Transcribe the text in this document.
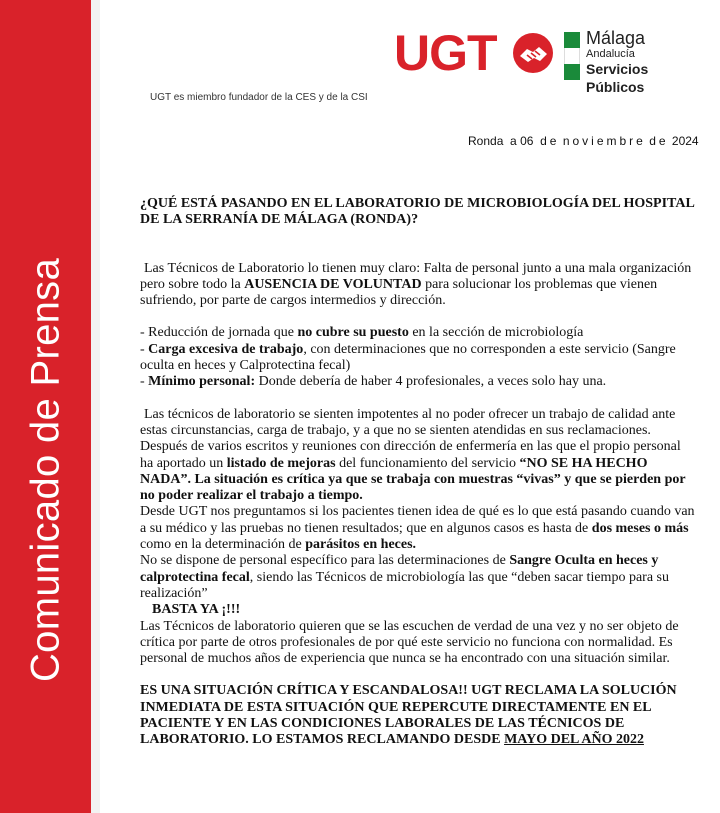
Comunicado de Prensa
UGT	Málaga
Andalucía
Servicios Públicos
UGT es miembro fundador de la CES y de la CSI
Ronda a 06 de noviembre de 2024

¿QUÉ ESTÁ PASANDO EN EL LABORATORIO DE MICROBIOLOGÍA DEL HOSPITAL DE LA SERRANÍA DE MÁLAGA (RONDA)?

Las Técnicos de Laboratorio lo tienen muy claro: Falta de personal junto a una mala organización pero sobre todo la AUSENCIA DE VOLUNTAD para solucionar los problemas que vienen sufriendo, por parte de cargos intermedios y dirección.

- Reducción de jornada que no cubre su puesto en la sección de microbiología

- Carga excesiva de trabajo, con determinaciones que no corresponden a este servicio (Sangre oculta en heces y Calprotectina fecal)

- Mínimo personal: Donde debería de haber 4 profesionales, a veces solo hay una.

Las técnicos de laboratorio se sienten impotentes al no poder ofrecer un trabajo de calidad ante estas circunstancias, carga de trabajo, y a que no se sienten atendidas en sus reclamaciones.

Después de varios escritos y reuniones con dirección de enfermería en las que el propio personal ha aportado un listado de mejoras del funcionamiento del servicio “NO SE HA HECHO NADA”. La situación es crítica ya que se trabaja con muestras “vivas” y que se pierden por no poder realizar el trabajo a tiempo.

Desde UGT nos preguntamos si los pacientes tienen idea de qué es lo que está pasando cuando van a su médico y las pruebas no tienen resultados; que en algunos casos es hasta de dos meses o más como en la determinación de parásitos en heces.

No se dispone de personal específico para las determinaciones de Sangre Oculta en heces y calprotectina fecal, siendo las Técnicos de microbiología las que “deben sacar tiempo para su realización”

BASTA YA ¡!!!

Las Técnicos de laboratorio quieren que se las escuchen de verdad de una vez y no ser objeto de crítica por parte de otros profesionales de por qué este servicio no funciona con normalidad. Es personal de muchos años de experiencia que nunca se ha encontrado con una situación similar.

ES UNA SITUACIÓN CRÍTICA Y ESCANDALOSA!! UGT RECLAMA LA SOLUCIÓN INMEDIATA DE ESTA SITUACIÓN QUE REPERCUTE DIRECTAMENTE EN EL PACIENTE Y EN LAS CONDICIONES LABORALES DE LAS TÉCNICOS DE LABORATORIO. LO ESTAMOS RECLAMANDO DESDE MAYO DEL AÑO 2022
